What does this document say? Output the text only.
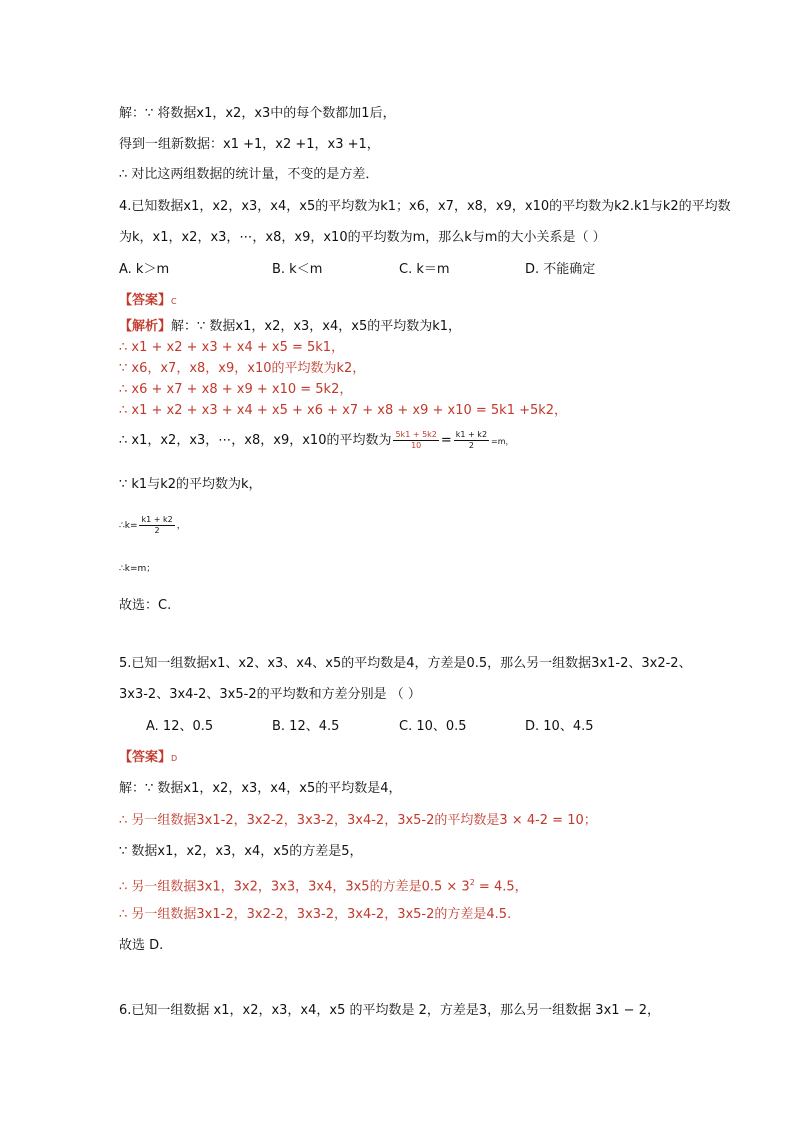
解：∵ 将数据x1，x2，x3中的每个数都加1后，
得到一组新数据：x1 +1，x2 +1，x3 +1，
∴ 对比这两组数据的统计量，不变的是方差．
4.已知数据x1，x2，x3，x4，x5的平均数为k1；x6，x7，x8，x9，x10的平均数为k2.k1与k2的平均数
为k，x1，x2，x3，⋯，x8，x9，x10的平均数为m，那么k与m的大小关系是（ ）
A. k＞m	B. k＜m	C. k＝m	D. 不能确定
【答案】C
【解析】解：∵ 数据x1，x2，x3，x4，x5的平均数为k1，
∴ x1 + x2 + x3 + x4 + x5 = 5k1，
∵ x6，x7，x8，x9，x10的平均数为k2，
∴ x6 + x7 + x8 + x9 + x10 = 5k2，
∴ x1 + x2 + x3 + x4 + x5 + x6 + x7 + x8 + x9 + x10 = 5k1 +5k2，
∴ x1，x2，x3，⋯，x8，x9，x10的平均数为 $\frac{5k1 + 5k2}{10} = \frac{k1 + k2}{2} =m$，
∵ k1与k2的平均数为k，
∴k= $\frac{k1 + k2}{2}$ ，
∴k=m；
故选：C.
5.已知一组数据x1、x2、x3、x4、x5的平均数是4，方差是0.5，那么另一组数据3x1-2、3x2-2、
3x3-2、3x4-2、3x5-2的平均数和方差分别是 （ ）
A. 12、0.5	B. 12、4.5	C. 10、0.5	D. 10、4.5
【答案】D
解：∵ 数据x1，x2，x3，x4，x5的平均数是4，
∴ 另一组数据3x1-2，3x2-2，3x3-2，3x4-2，3x5-2的平均数是3 × 4-2 = 10；
∵ 数据x1，x2，x3，x4，x5的方差是5，
∴ 另一组数据3x1，3x2，3x3，3x4，3x5的方差是$0.5 \times 3^2 = 4.5$，
∴ 另一组数据3x1-2，3x2-2，3x3-2，3x4-2，3x5-2的方差是4.5.
故选 D.
6.已知一组数据 x1，x2，x3，x4，x5 的平均数是 2，方差是3，那么另一组数据 3x1 − 2，
